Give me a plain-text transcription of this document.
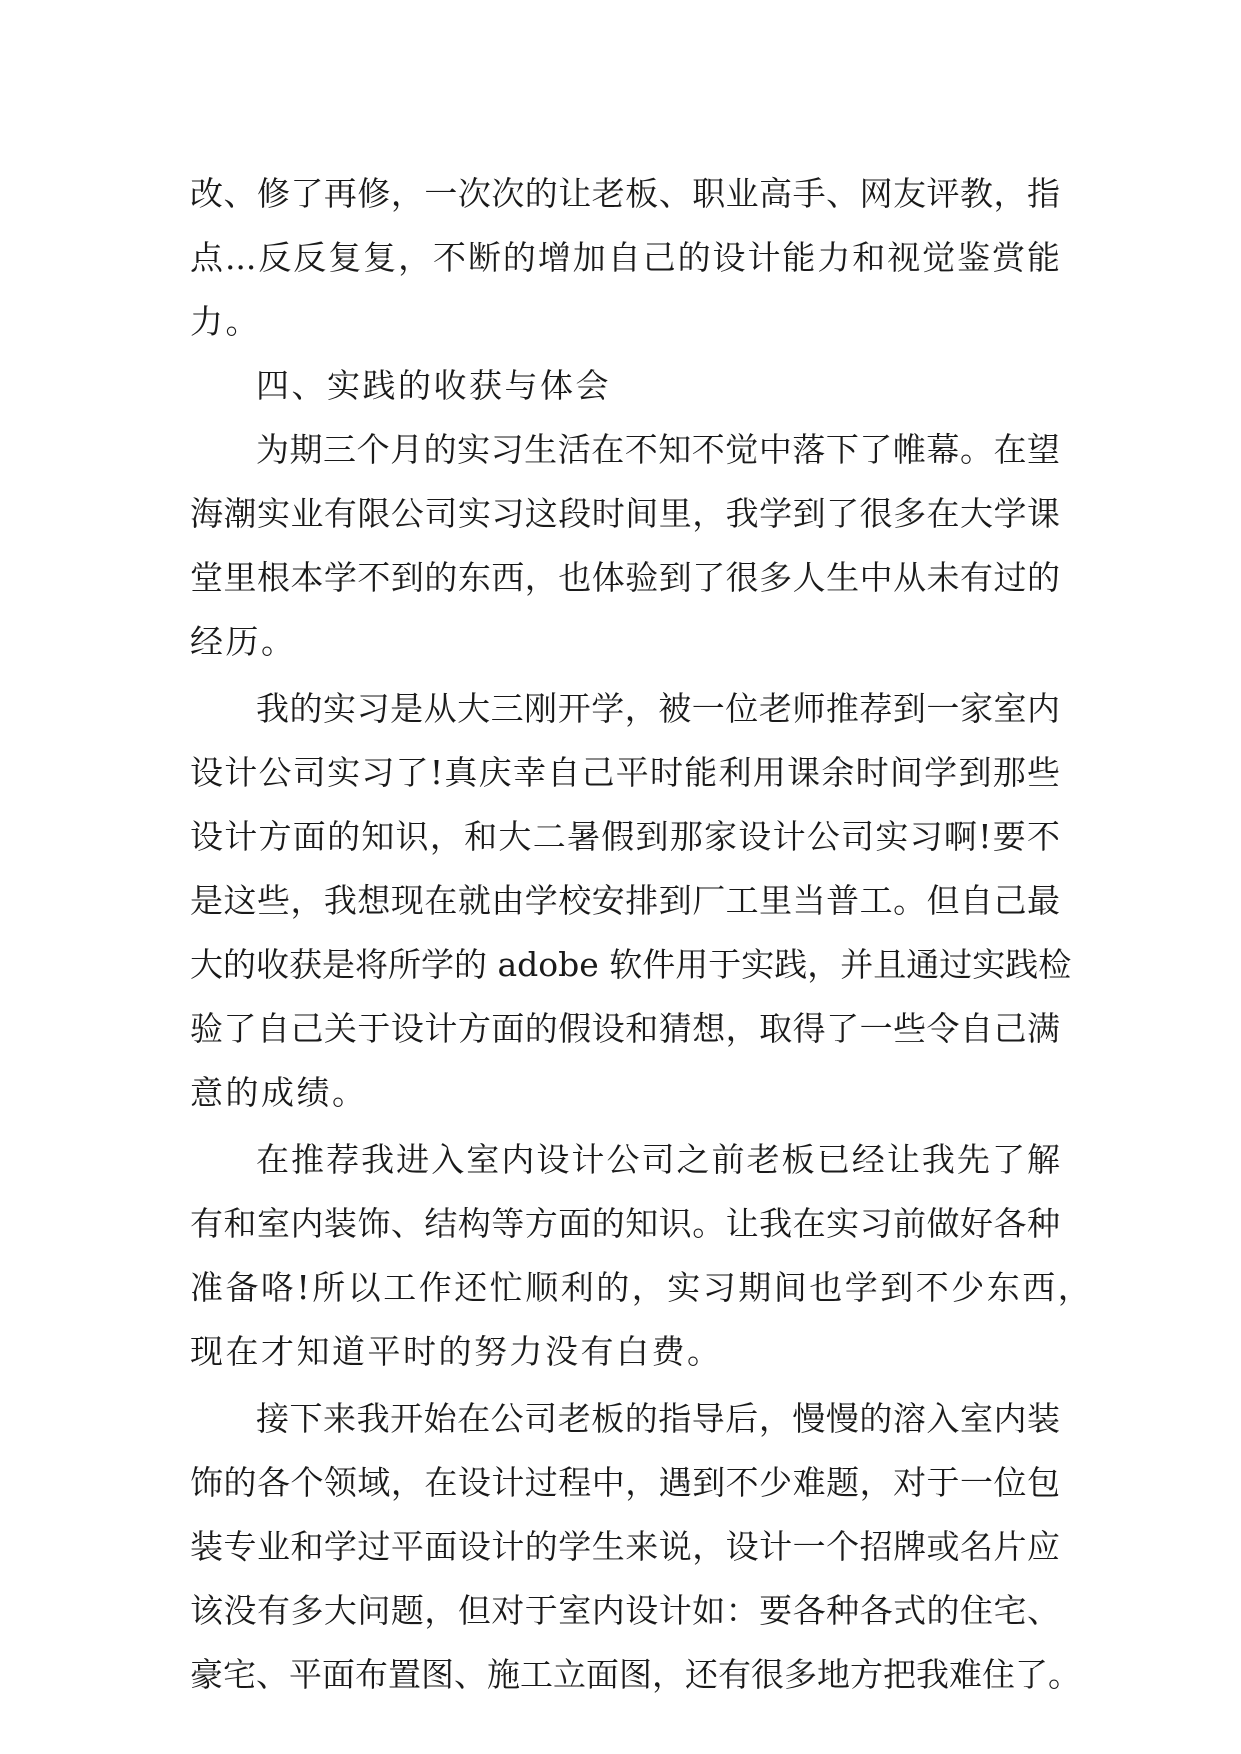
改、修了再修，一次次的让老板、职业高手、网友评教，指
点...反反复复，不断的增加自己的设计能力和视觉鉴赏能
力。
四、实践的收获与体会
为期三个月的实习生活在不知不觉中落下了帷幕。在望
海潮实业有限公司实习这段时间里，我学到了很多在大学课
堂里根本学不到的东西，也体验到了很多人生中从未有过的
经历。
我的实习是从大三刚开学，被一位老师推荐到一家室内
设计公司实习了!真庆幸自己平时能利用课余时间学到那些
设计方面的知识，和大二暑假到那家设计公司实习啊!要不
是这些，我想现在就由学校安排到厂工里当普工。但自己最
大的收获是将所学的 adobe 软件用于实践，并且通过实践检
验了自己关于设计方面的假设和猜想，取得了一些令自己满
意的成绩。
在推荐我进入室内设计公司之前老板已经让我先了解
有和室内装饰、结构等方面的知识。让我在实习前做好各种
准备咯!所以工作还忙顺利的，实习期间也学到不少东西，
现在才知道平时的努力没有白费。
接下来我开始在公司老板的指导后，慢慢的溶入室内装
饰的各个领域，在设计过程中，遇到不少难题，对于一位包
装专业和学过平面设计的学生来说，设计一个招牌或名片应
该没有多大问题，但对于室内设计如：要各种各式的住宅、
豪宅、平面布置图、施工立面图，还有很多地方把我难住了。
